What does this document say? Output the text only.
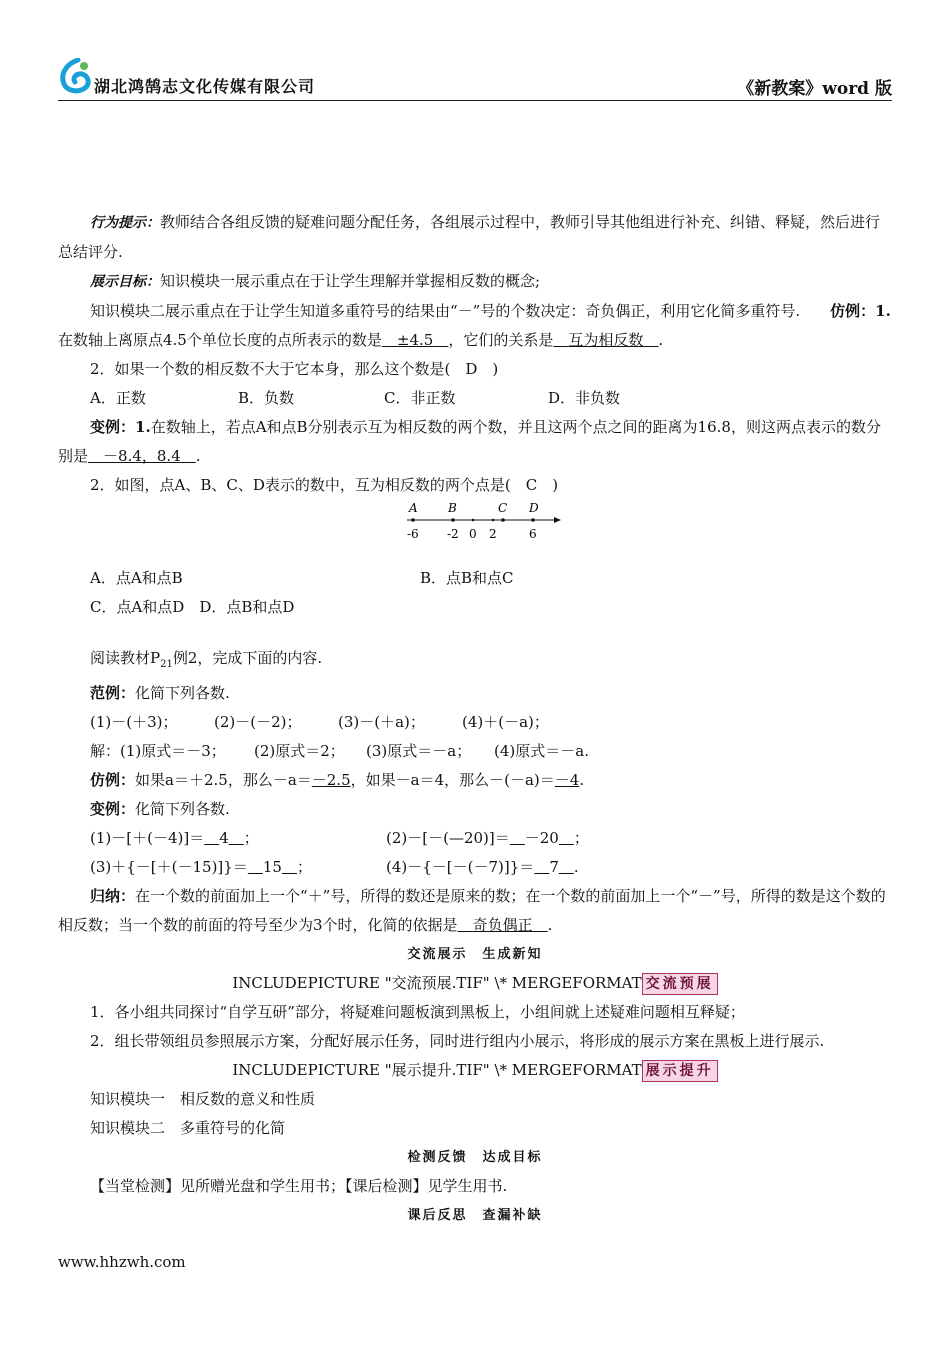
湖北鸿鹄志文化传媒有限公司	《新教案》word 版

行为提示：教师结合各组反馈的疑难问题分配任务，各组展示过程中，教师引导其他组进行补充、纠错、释疑，然后进行总结评分.

展示目标：知识模块一展示重点在于让学生理解并掌握相反数的概念;

知识模块二展示重点在于让学生知道多重符号的结果由“－”号的个数决定：奇负偶正，利用它化简多重符号.　　 仿例：1.在数轴上离原点4.5个单位长度的点所表示的数是　 ±4.5　 ，它们的关系是　 互为相反数　 .

2．如果一个数的相反数不大于它本身，那么这个数是(　D　)

A．正数	B．负数	C．非正数	D．非负数

变例：1.在数轴上，若点A和点B分别表示互为相反数的两个数，并且这两个点之间的距离为16.8，则这两点表示的数分别是　 －8.4，8.4　 .

2．如图，点A、B、C、D表示的数中，互为相反数的两个点是(　C　)

A	B	C D
-6 -2 0 2	6
A．点A和点B	B．点B和点C

C．点A和点D　D．点B和点D

阅读教材$P_{21}$例2，完成下面的内容.

范例：化简下列各数.

(1)－(＋3)；	(2)－(－2)；	(3)－(＋a)；	(4)＋(－a)；
解：(1)原式＝－3；	(2)原式＝2；	(3)原式＝－a；	(4)原式＝－a.

仿例：如果a＝＋2.5，那么－a＝－2.5，如果－a＝4，那么－(－a)＝－4.

变例：化简下列各数.

(1)－[＋(－4)]＝　 4　 ；	(2)－[－(—20)]＝　 －20　 ；
(3)＋{－[＋(－15)]}＝　 15　 ；	(4)－{－[－(－7)]}＝　 7　 .

归纳：在一个数的前面加上一个“＋”号，所得的数还是原来的数；在一个数的前面加上一个“－”号，所得的数是这个数的相反数；当一个数的前面的符号至少为3个时，化简的依据是　 奇负偶正　 .

交流展示　生成新知

INCLUDEPICTURE "交流预展.TIF" \* MERGEFORMAT 交流预展

1．各小组共同探讨“自学互研”部分，将疑难问题板演到黑板上，小组间就上述疑难问题相互释疑；

2．组长带领组员参照展示方案，分配好展示任务，同时进行组内小展示，将形成的展示方案在黑板上进行展示.

INCLUDEPICTURE "展示提升.TIF" \* MERGEFORMAT 展示提升

知识模块一　相反数的意义和性质

知识模块二　多重符号的化简

检测反馈　达成目标

【当堂检测】见所赠光盘和学生用书；【课后检测】见学生用书.

课后反思　查漏补缺

www.hhzwh.com
